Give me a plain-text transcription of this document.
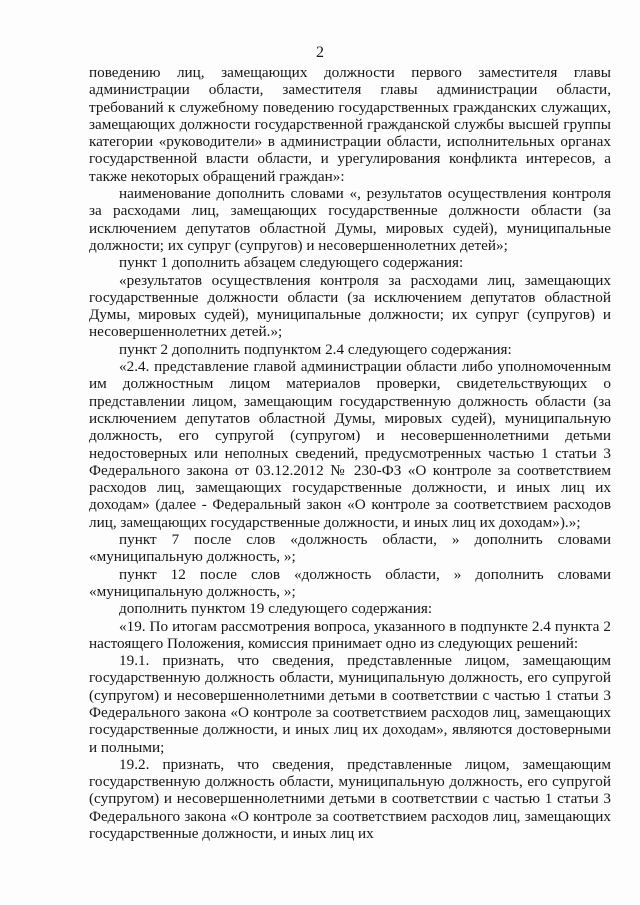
2

поведению лиц, замещающих должности первого заместителя главы администрации области, заместителя главы администрации области, требований к служебному поведению государственных гражданских служащих, замещающих должности государственной гражданской службы высшей группы категории «руководители» в администрации области, исполнительных органах государственной власти области, и урегулирования конфликта интересов, а также некоторых обращений граждан»:

наименование дополнить словами «, результатов осуществления контроля за расходами лиц, замещающих государственные должности области (за исключением депутатов областной Думы, мировых судей), муниципальные должности; их супруг (супругов) и несовершеннолетних детей»;

пункт 1 дополнить абзацем следующего содержания:

«результатов осуществления контроля за расходами лиц, замещающих государственные должности области (за исключением депутатов областной Думы, мировых судей), муниципальные должности; их супруг (супругов) и несовершеннолетних детей.»;

пункт 2 дополнить подпунктом 2.4 следующего содержания:

«2.4. представление главой администрации области либо уполномоченным им должностным лицом материалов проверки, свидетельствующих о представлении лицом, замещающим государственную должность области (за исключением депутатов областной Думы, мировых судей), муниципальную должность, его супругой (супругом) и несовершеннолетними детьми недостоверных или неполных сведений, предусмотренных частью 1 статьи 3 Федерального закона от 03.12.2012 № 230-ФЗ «О контроле за соответствием расходов лиц, замещающих государственные должности, и иных лиц их доходам» (далее - Федеральный закон «О контроле за соответствием расходов лиц, замещающих государственные должности, и иных лиц их доходам»).»;

пункт 7 после слов «должность области, » дополнить словами «муниципальную должность, »;

пункт 12 после слов «должность области, » дополнить словами «муниципальную должность, »;

дополнить пунктом 19 следующего содержания:

«19. По итогам рассмотрения вопроса, указанного в подпункте 2.4 пункта 2 настоящего Положения, комиссия принимает одно из следующих решений:

19.1. признать, что сведения, представленные лицом, замещающим государственную должность области, муниципальную должность, его супругой (супругом) и несовершеннолетними детьми в соответствии с частью 1 статьи 3 Федерального закона «О контроле за соответствием расходов лиц, замещающих государственные должности, и иных лиц их доходам», являются достоверными и полными;

19.2. признать, что сведения, представленные лицом, замещающим государственную должность области, муниципальную должность, его супругой (супругом) и несовершеннолетними детьми в соответствии с частью 1 статьи 3 Федерального закона «О контроле за соответствием расходов лиц, замещающих государственные должности, и иных лиц их
